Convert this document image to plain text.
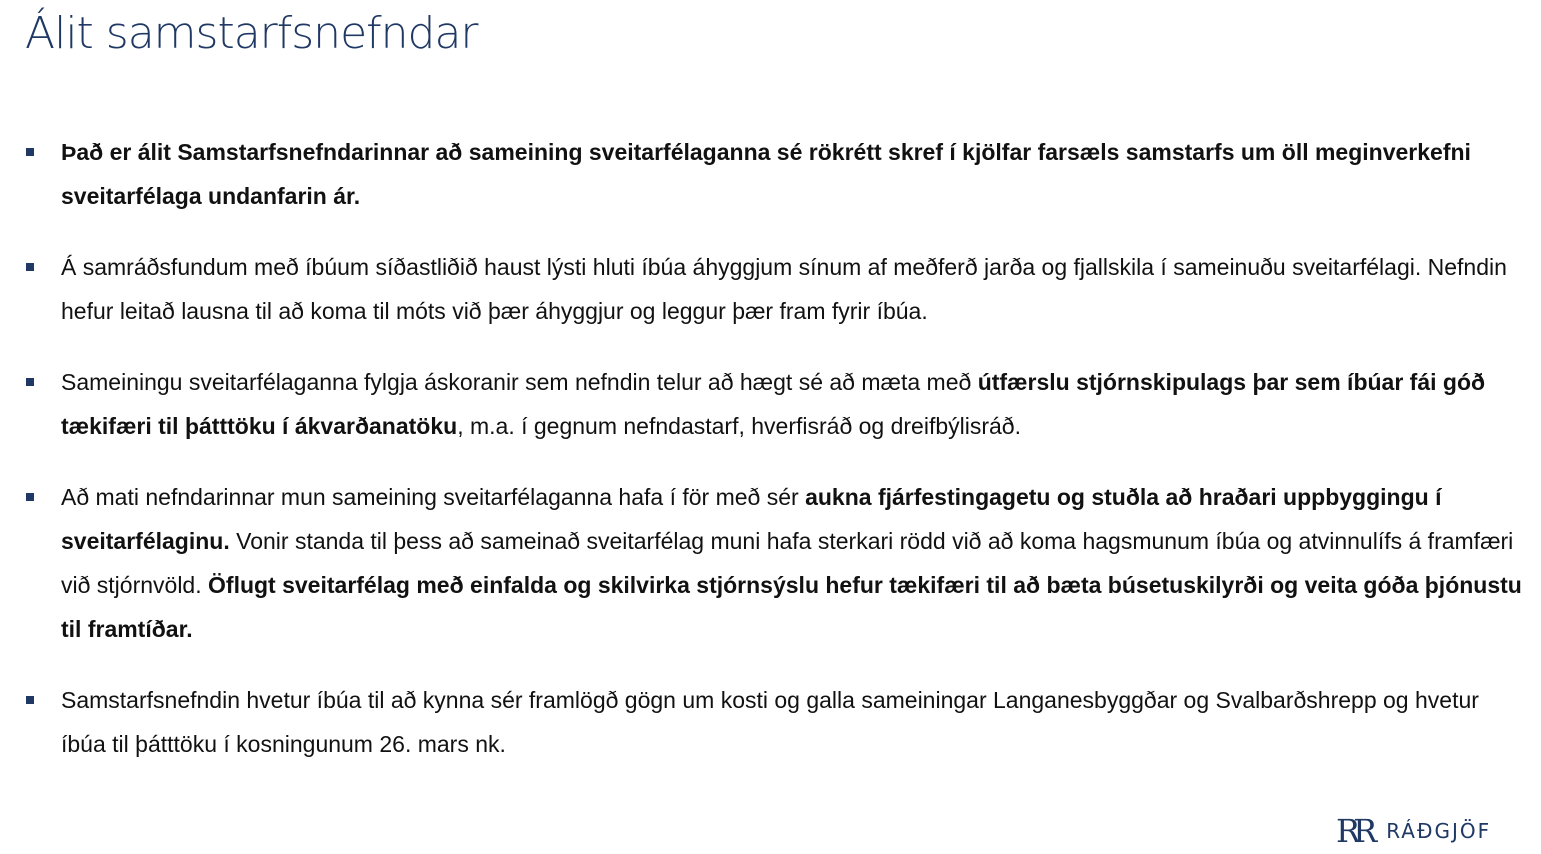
Álit samstarfsnefndar
Það er álit Samstarfsnefndarinnar að sameining sveitarfélaganna sé rökrétt skref í kjölfar farsæls samstarfs um öll meginverkefni sveitarfélaga undanfarin ár.
Á samráðsfundum með íbúum síðastliðið haust lýsti hluti íbúa áhyggjum sínum af meðferð jarða og fjallskila í sameinuðu sveitarfélagi. Nefndin hefur leitað lausna til að koma til móts við þær áhyggjur og leggur þær fram fyrir íbúa.
Sameiningu sveitarfélaganna fylgja áskoranir sem nefndin telur að hægt sé að mæta með útfærslu stjórnskipulags þar sem íbúar fái góð tækifæri til þátttöku í ákvarðanatöku, m.a. í gegnum nefndastarf, hverfisráð og dreifbýlisráð.
Að mati nefndarinnar mun sameining sveitarfélaganna hafa í för með sér aukna fjárfestingagetu og stuðla að hraðari uppbyggingu í sveitarfélaginu. Vonir standa til þess að sameinað sveitarfélag muni hafa sterkari rödd við að koma hagsmunum íbúa og atvinnulífs á framfæri við stjórnvöld. Öflugt sveitarfélag með einfalda og skilvirka stjórnsýslu hefur tækifæri til að bæta búsetuskilyrði og veita góða þjónustu til framtíðar.
Samstarfsnefndin hvetur íbúa til að kynna sér framlögð gögn um kosti og galla sameiningar Langanesbyggðar og Svalbarðshrepp og hvetur íbúa til þátttöku í kosningunum 26. mars nk.
RR RÁÐGJÖF
